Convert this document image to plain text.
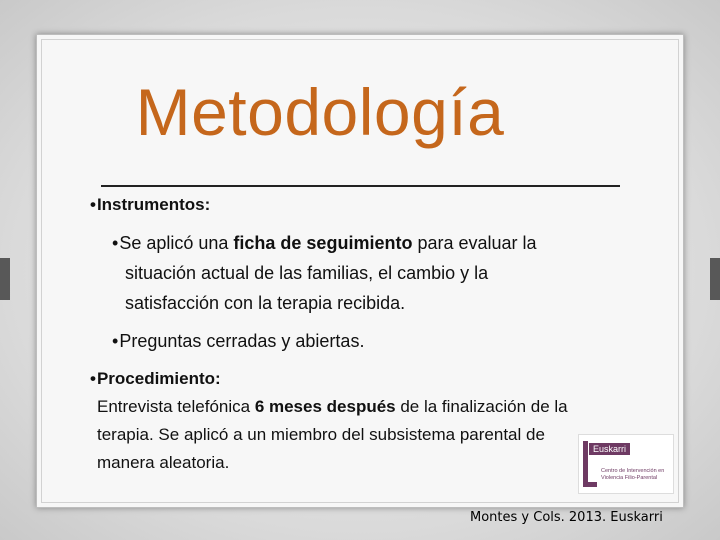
Metodología
•Instrumentos:
•Se aplicó una ficha de seguimiento para evaluar la
situación actual de las familias, el cambio y la
satisfacción con la terapia recibida.
•Preguntas cerradas y abiertas.
•Procedimiento:
Entrevista telefónica 6 meses después de la finalización de la
terapia. Se aplicó a un miembro del subsistema parental de
manera aleatoria.
Euskarri
Centro de Intervención en Violencia Filio-Parental
Montes y Cols. 2013. Euskarri
